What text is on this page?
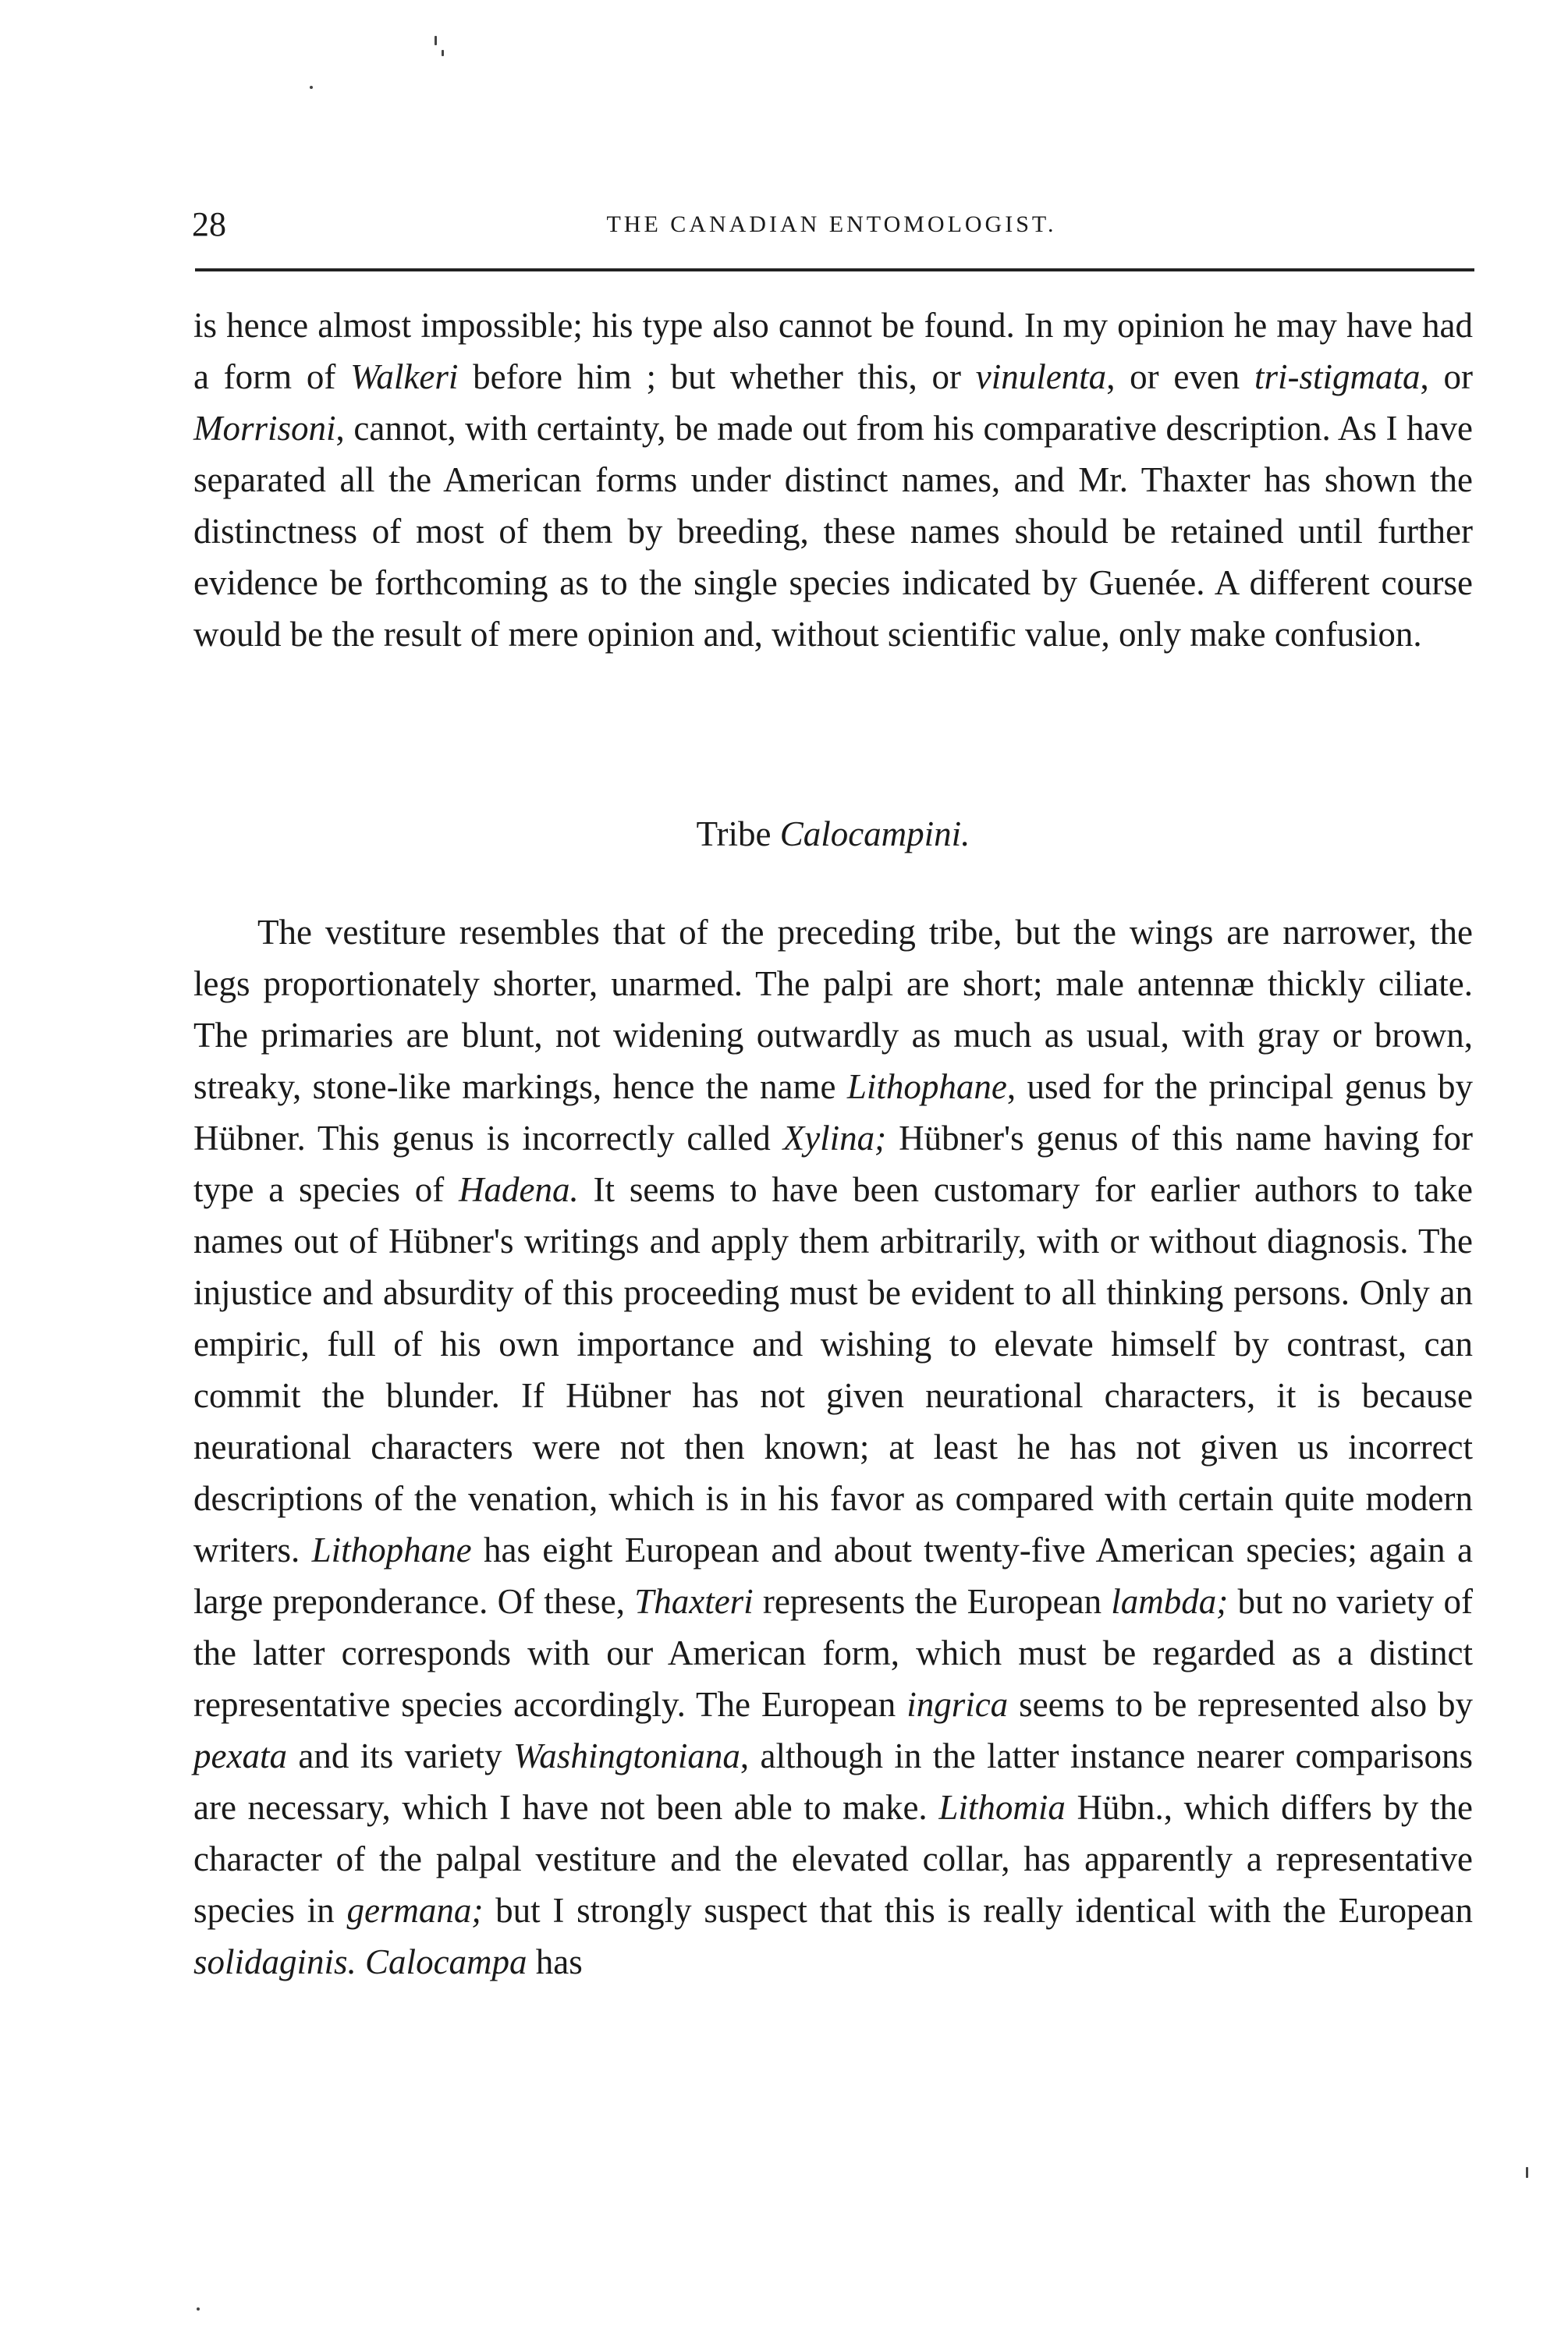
28	THE CANADIAN ENTOMOLOGIST.

is hence almost impossible; his type also cannot be found. In my opinion he may have had a form of Walkeri before him ; but whether this, or vinulenta, or even tri-stigmata, or Morrisoni, cannot, with certainty, be made out from his comparative description. As I have separated all the American forms under distinct names, and Mr. Thaxter has shown the distinctness of most of them by breeding, these names should be retained until further evidence be forthcoming as to the single species indicated by Guenée. A different course would be the result of mere opinion and, without scientific value, only make confusion.

Tribe Calocampini.

The vestiture resembles that of the preceding tribe, but the wings are narrower, the legs proportionately shorter, unarmed. The palpi are short; male antennæ thickly ciliate. The primaries are blunt, not widening outwardly as much as usual, with gray or brown, streaky, stone-like markings, hence the name Lithophane, used for the principal genus by Hübner. This genus is incorrectly called Xylina; Hübner's genus of this name having for type a species of Hadena. It seems to have been customary for earlier authors to take names out of Hübner's writings and apply them arbitrarily, with or without diagnosis. The injustice and absurdity of this proceeding must be evident to all thinking persons. Only an empiric, full of his own importance and wishing to elevate himself by contrast, can commit the blunder. If Hübner has not given neurational characters, it is because neurational characters were not then known; at least he has not given us incorrect descriptions of the venation, which is in his favor as compared with certain quite modern writers. Lithophane has eight European and about twenty-five American species; again a large preponderance. Of these, Thaxteri represents the European lambda; but no variety of the latter corresponds with our American form, which must be regarded as a distinct representative species accordingly. The European ingrica seems to be represented also by pexata and its variety Washingtoniana, although in the latter instance nearer comparisons are necessary, which I have not been able to make. Lithomia Hübn., which differs by the character of the palpal vestiture and the elevated collar, has apparently a representative species in germana; but I strongly suspect that this is really identical with the European solidaginis. Calocampa has
